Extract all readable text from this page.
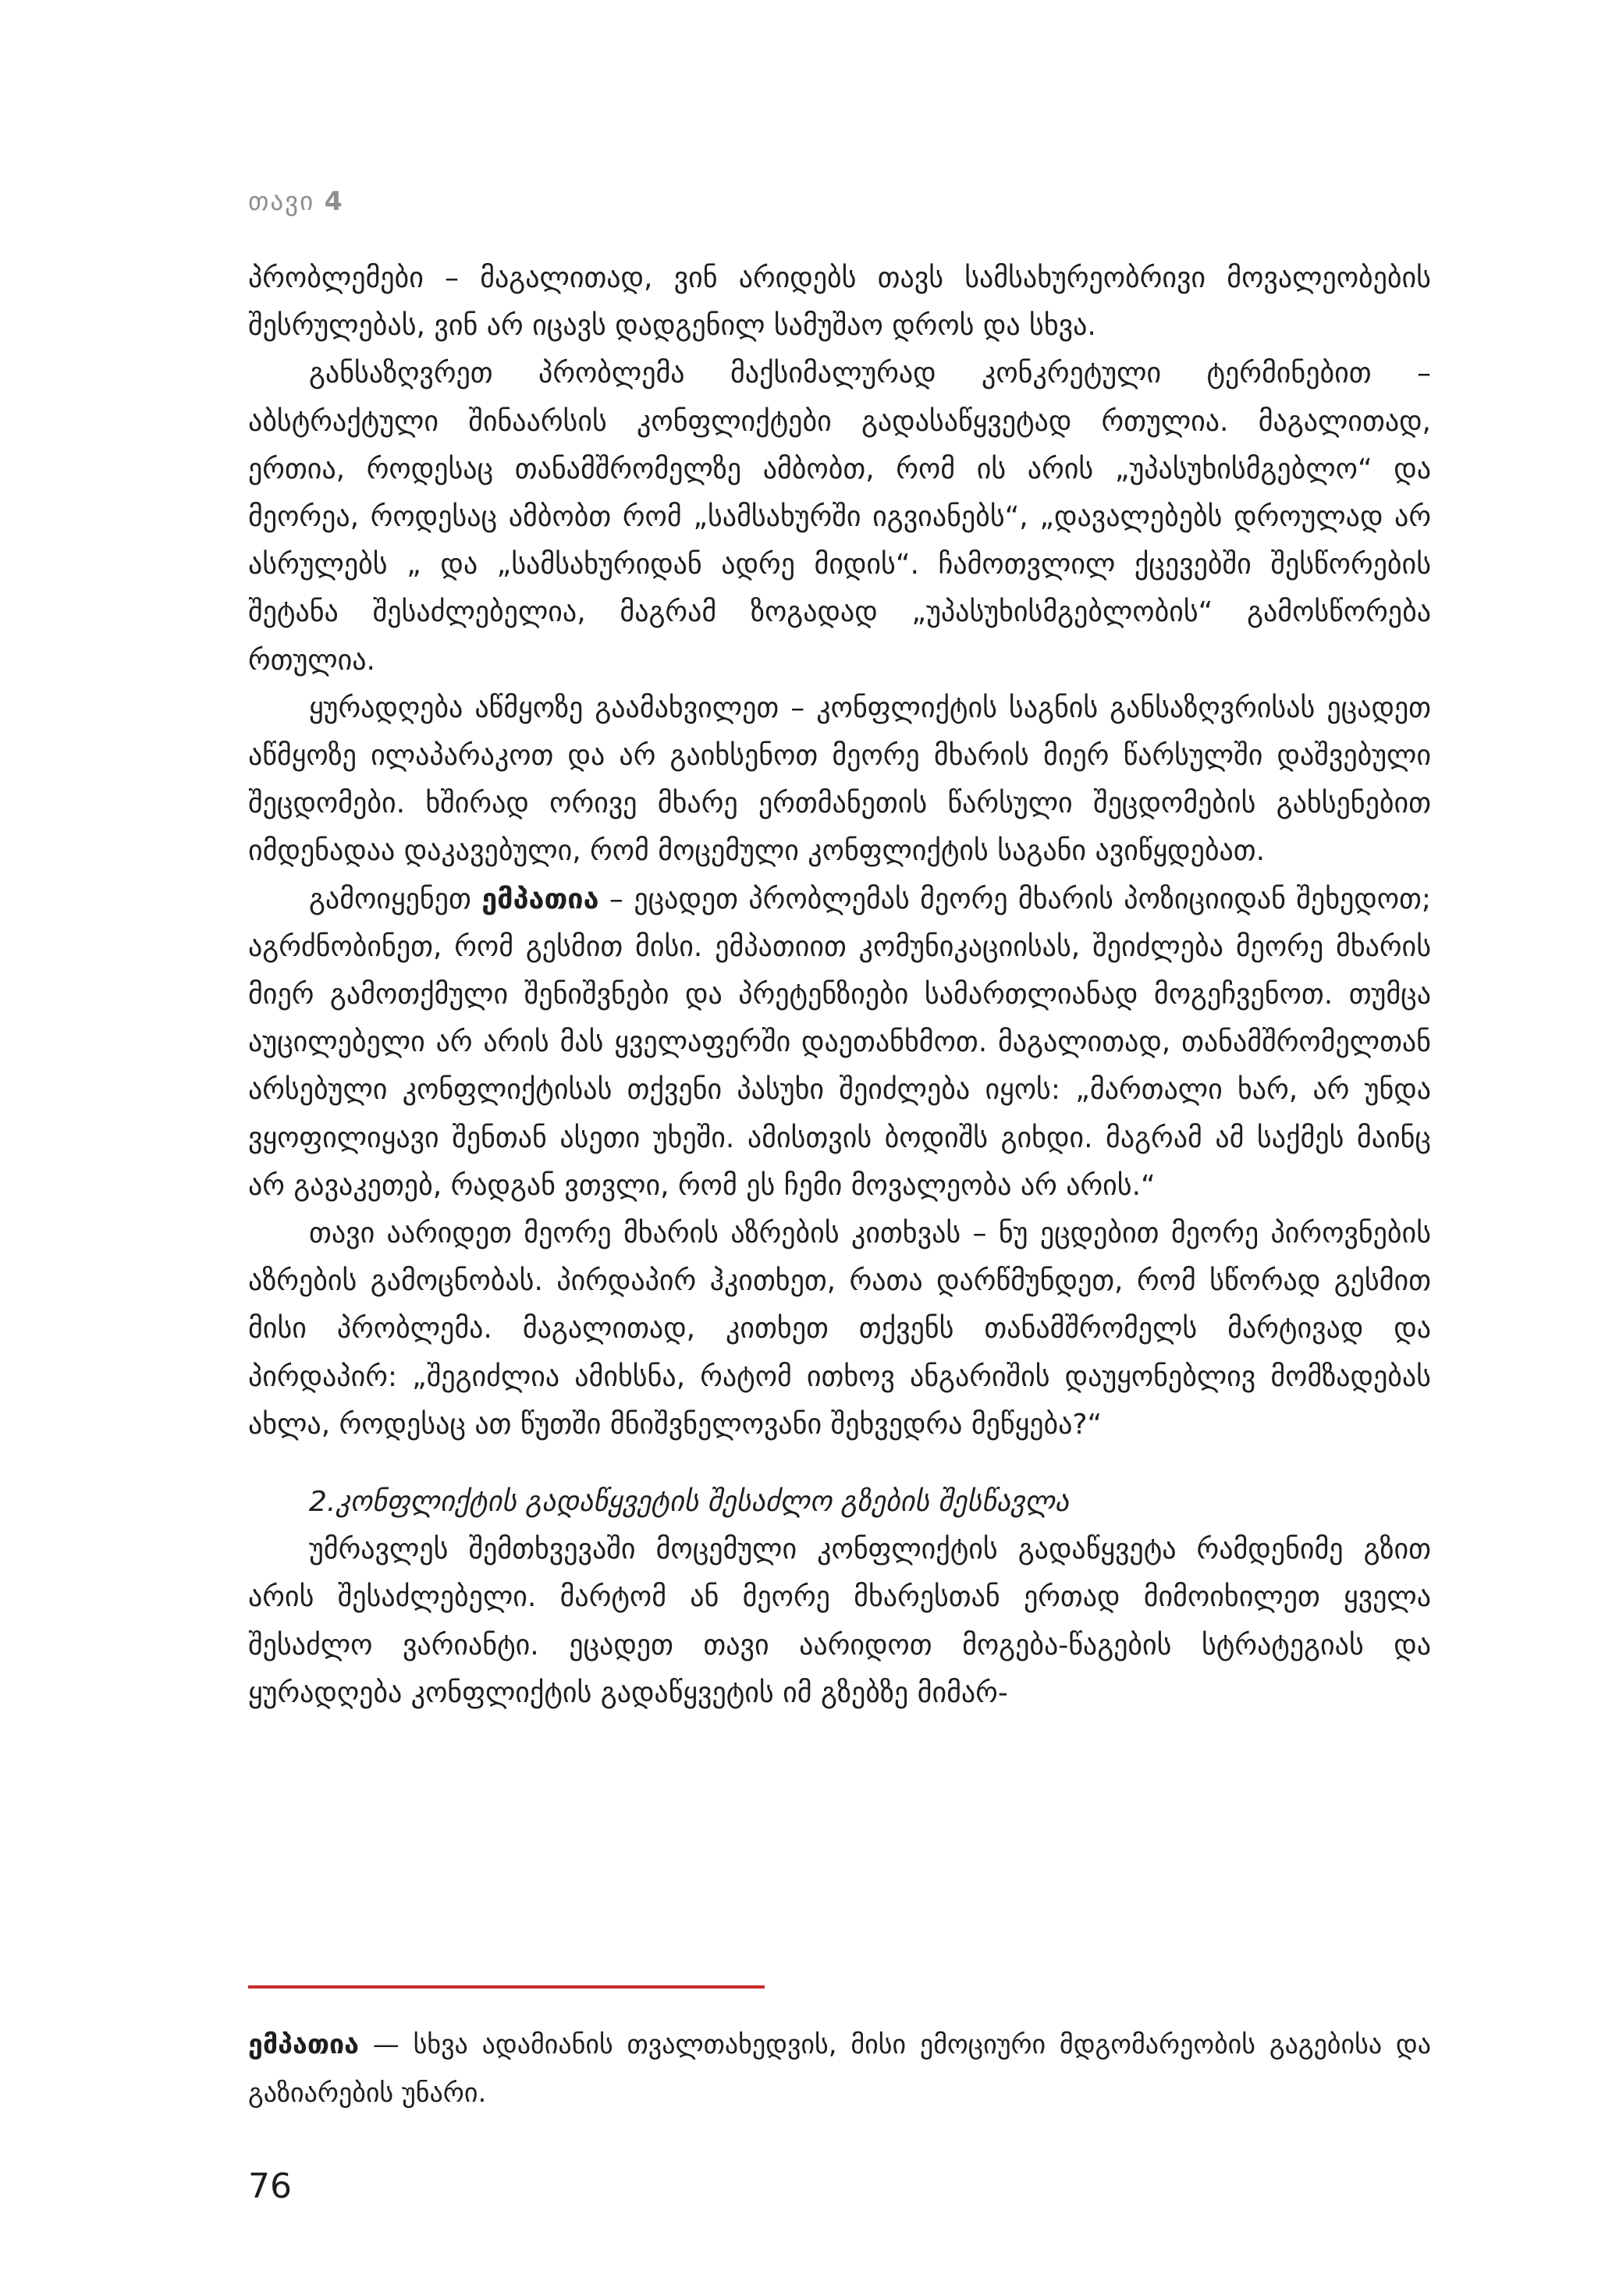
თავი 4

პრობლემები – მაგალითად, ვინ არიდებს თავს სამსახურეობრივი მოვალეობების შესრულებას, ვინ არ იცავს დადგენილ სამუშაო დროს და სხვა.

განსაზღვრეთ პრობლემა მაქსიმალურად კონკრეტული ტერმინებით – აბსტრაქტული შინაარსის კონფლიქტები გადასაწყვეტად რთულია. მაგალითად, ერთია, როდესაც თანამშრომელზე ამბობთ, რომ ის არის „უპასუხისმგებლო“ და მეორეა, როდესაც ამბობთ რომ „სამსახურში იგვიანებს“, „დავალებებს დროულად არ ასრულებს „ და „სამსახურიდან ადრე მიდის“. ჩამოთვლილ ქცევებში შესწორების შეტანა შესაძლებელია, მაგრამ ზოგადად „უპასუხისმგებლობის“ გამოსწორება რთულია.

ყურადღება აწმყოზე გაამახვილეთ – კონფლიქტის საგნის განსაზღვრისას ეცადეთ აწმყოზე ილაპარაკოთ და არ გაიხსენოთ მეორე მხარის მიერ წარსულში დაშვებული შეცდომები. ხშირად ორივე მხარე ერთმანეთის წარსული შეცდომების გახსენებით იმდენადაა დაკავებული, რომ მოცემული კონფლიქტის საგანი ავიწყდებათ.

გამოიყენეთ ემპათია – ეცადეთ პრობლემას მეორე მხარის პოზიციიდან შეხედოთ; აგრძნობინეთ, რომ გესმით მისი. ემპათიით კომუნიკაციისას, შეიძლება მეორე მხარის მიერ გამოთქმული შენიშვნები და პრეტენზიები სამართლიანად მოგეჩვენოთ. თუმცა აუცილებელი არ არის მას ყველაფერში დაეთანხმოთ. მაგალითად, თანამშრომელთან არსებული კონფლიქტისას თქვენი პასუხი შეიძლება იყოს: „მართალი ხარ, არ უნდა ვყოფილიყავი შენთან ასეთი უხეში. ამისთვის ბოდიშს გიხდი. მაგრამ ამ საქმეს მაინც არ გავაკეთებ, რადგან ვთვლი, რომ ეს ჩემი მოვალეობა არ არის.“

თავი აარიდეთ მეორე მხარის აზრების კითხვას – ნუ ეცდებით მეორე პიროვნების აზრების გამოცნობას. პირდაპირ ჰკითხეთ, რათა დარწმუნდეთ, რომ სწორად გესმით მისი პრობლემა. მაგალითად, კითხეთ თქვენს თანამშრომელს მარტივად და პირდაპირ: „შეგიძლია ამიხსნა, რატომ ითხოვ ანგარიშის დაუყონებლივ მომზადებას ახლა, როდესაც ათ წუთში მნიშვნელოვანი შეხვედრა მეწყება?“

2.კონფლიქტის გადაწყვეტის შესაძლო გზების შესწავლა

უმრავლეს შემთხვევაში მოცემული კონფლიქტის გადაწყვეტა რამდენიმე გზით არის შესაძლებელი. მარტომ ან მეორე მხარესთან ერთად მიმოიხილეთ ყველა შესაძლო ვარიანტი. ეცადეთ თავი აარიდოთ მოგება-წაგების სტრატეგიას და ყურადღება კონფლიქტის გადაწყვეტის იმ გზებზე მიმარ-

ემპათია — სხვა ადამიანის თვალთახედვის, მისი ემოციური მდგომარეობის გაგებისა და გაზიარების უნარი.

76
